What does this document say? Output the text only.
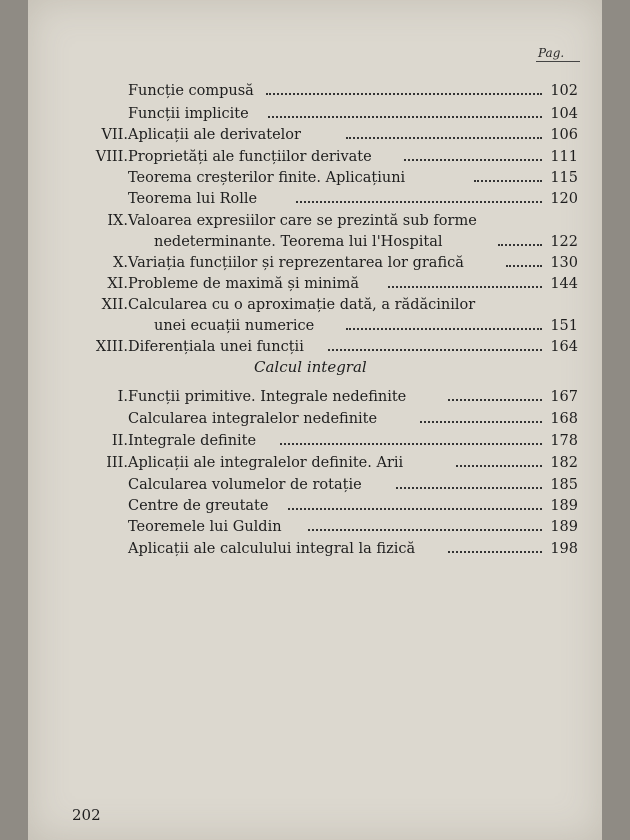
Pag.
Funcție compusă	102
Funcții implicite	104
VII. Aplicații ale derivatelor	106
VIII. Proprietăți ale funcțiilor derivate	111
Teorema creșterilor finite. Aplicațiuni	115
Teorema lui Rolle	120
IX. Valoarea expresiilor care se prezintă sub forme
nedeterminante. Teorema lui l'Hospital	122
X. Variația funcțiilor și reprezentarea lor grafică	130
XI. Probleme de maximă și minimă	144
XII. Calcularea cu o aproximație dată, a rădăcinilor
unei ecuații numerice	151
XIII. Diferențiala unei funcții	164
Calcul integral
I. Funcții primitive. Integrale nedefinite	167
Calcularea integralelor nedefinite	168
II. Integrale definite	178
III. Aplicații ale integralelor definite. Arii	182
Calcularea volumelor de rotație	185
Centre de greutate	189
Teoremele lui Guldin	189
Aplicații ale calculului integral la fizică	198
202
